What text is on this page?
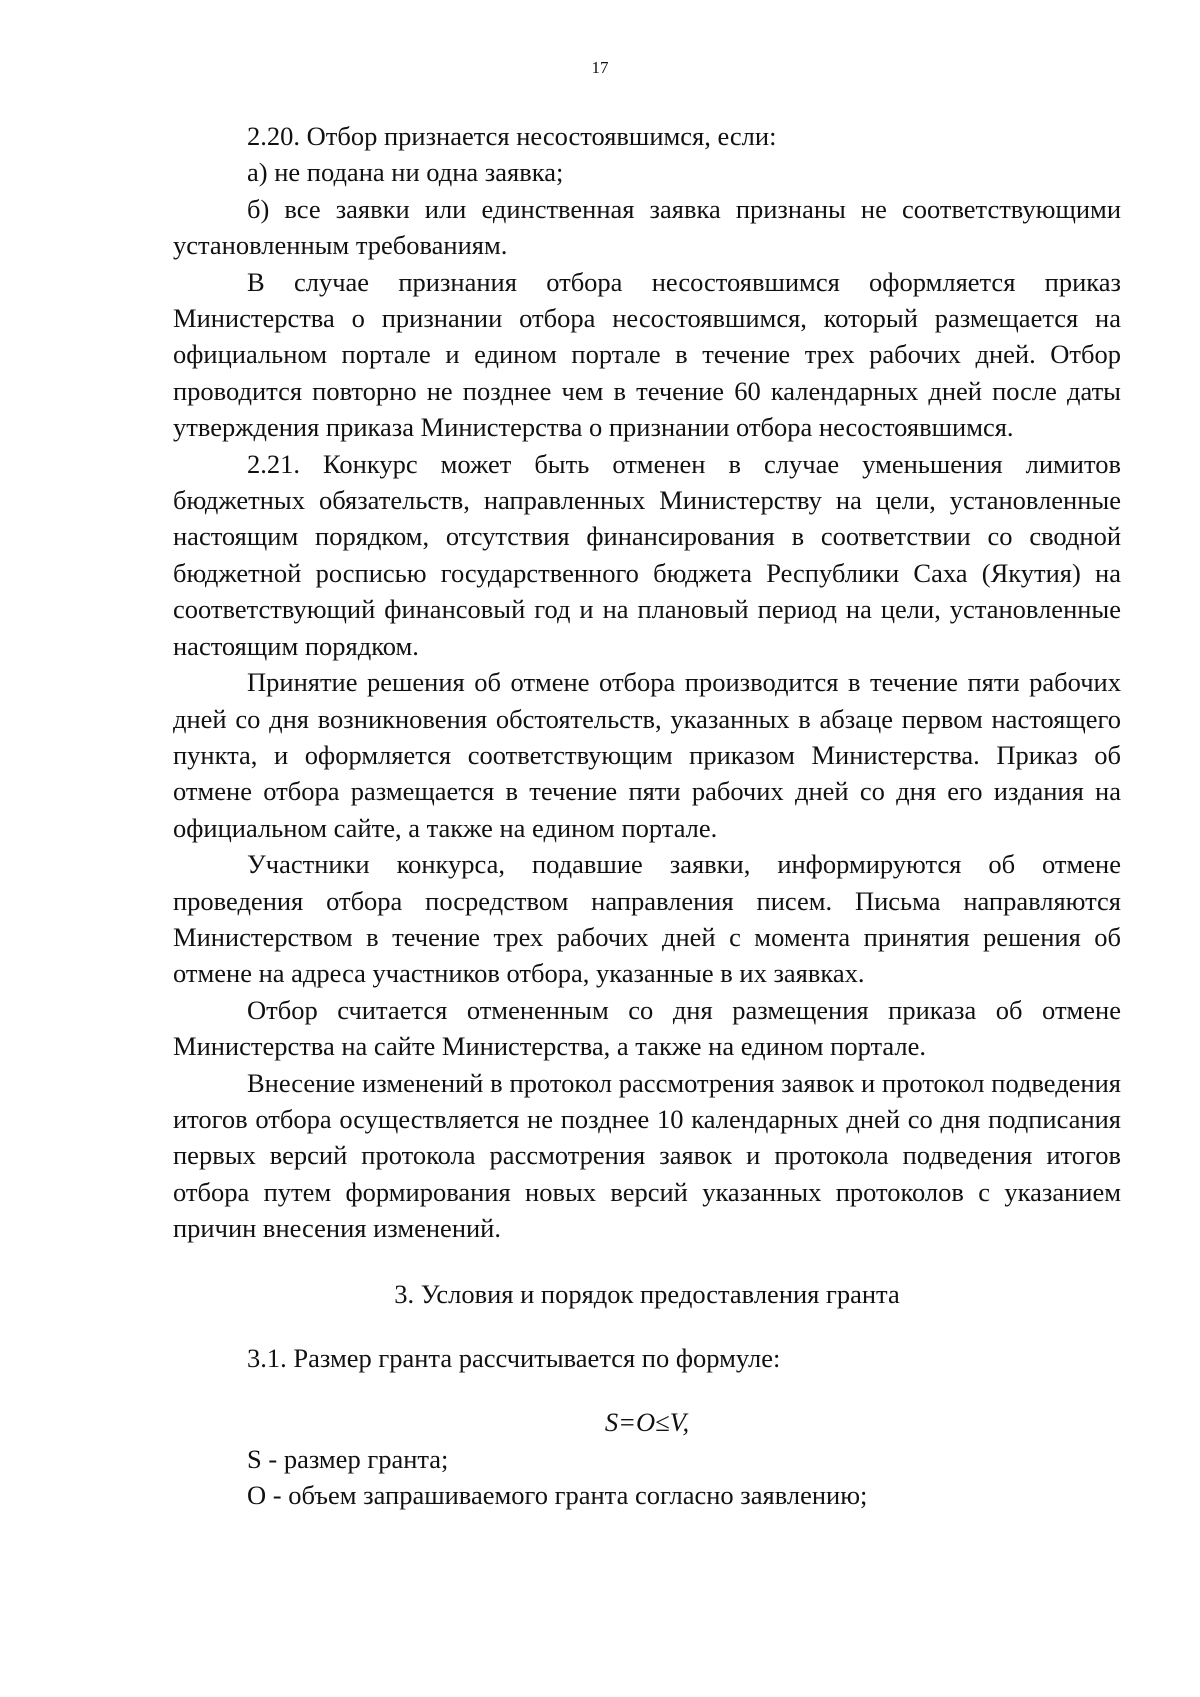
17

2.20. Отбор признается несостоявшимся, если:

а) не подана ни одна заявка;

б) все заявки или единственная заявка признаны не соответствующими установленным требованиям.

В случае признания отбора несостоявшимся оформляется приказ Министерства о признании отбора несостоявшимся, который размещается на официальном портале и едином портале в течение трех рабочих дней. Отбор проводится повторно не позднее чем в течение 60 календарных дней после даты утверждения приказа Министерства о признании отбора несостоявшимся.

2.21. Конкурс может быть отменен в случае уменьшения лимитов бюджетных обязательств, направленных Министерству на цели, установленные настоящим порядком, отсутствия финансирования в соответствии со сводной бюджетной росписью государственного бюджета Республики Саха (Якутия) на соответствующий финансовый год и на плановый период на цели, установленные настоящим порядком.

Принятие решения об отмене отбора производится в течение пяти рабочих дней со дня возникновения обстоятельств, указанных в абзаце первом настоящего пункта, и оформляется соответствующим приказом Министерства. Приказ об отмене отбора размещается в течение пяти рабочих дней со дня его издания на официальном сайте, а также на едином портале.

Участники конкурса, подавшие заявки, информируются об отмене проведения отбора посредством направления писем. Письма направляются Министерством в течение трех рабочих дней с момента принятия решения об отмене на адреса участников отбора, указанные в их заявках.

Отбор считается отмененным со дня размещения приказа об отмене Министерства на сайте Министерства, а также на едином портале.

Внесение изменений в протокол рассмотрения заявок и протокол подведения итогов отбора осуществляется не позднее 10 календарных дней со дня подписания первых версий протокола рассмотрения заявок и протокола подведения итогов отбора путем формирования новых версий указанных протоколов с указанием причин внесения изменений.

3. Условия и порядок предоставления гранта

3.1. Размер гранта рассчитывается по формуле:

S=O≤V,

S - размер гранта;

O - объем запрашиваемого гранта согласно заявлению;
